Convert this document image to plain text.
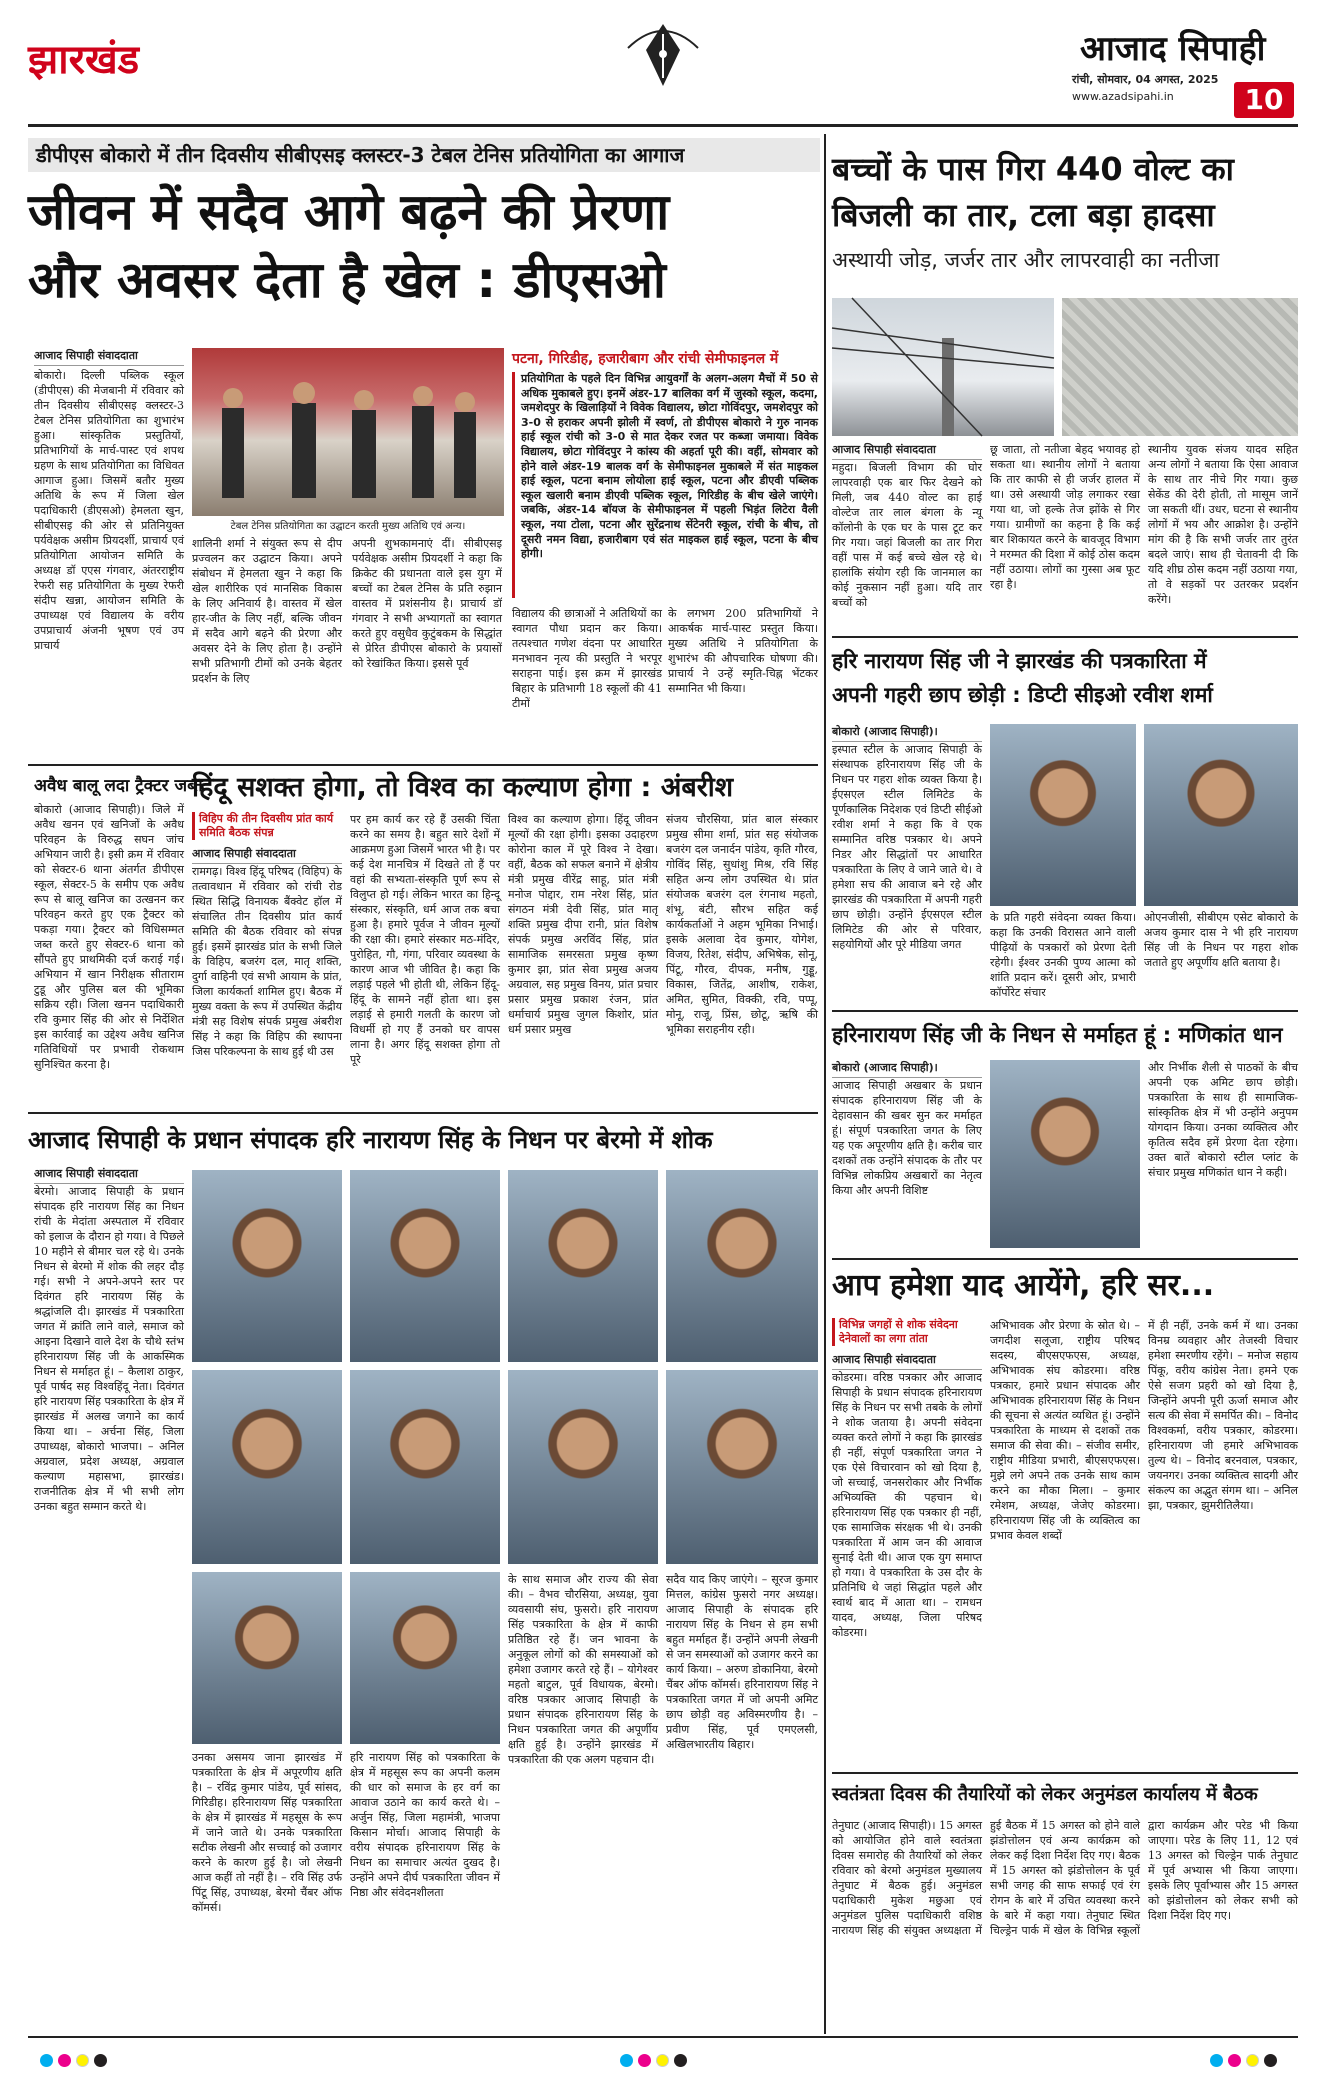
झारखंड	आजाद सिपाही
रांची, सोमवार, 04 अगस्त, 2025
www.azadsipahi.in	10
डीपीएस बोकारो में तीन दिवसीय सीबीएसइ क्लस्टर-3 टेबल टेनिस प्रतियोगिता का आगाज
जीवन में सदैव आगे बढ़ने की प्रेरणा
और अवसर देता है खेल : डीएसओ
आजाद सिपाही संवाददाता
बोकारो। दिल्ली पब्लिक स्कूल (डीपीएस) की मेजबानी में रविवार को तीन दिवसीय सीबीएसइ क्लस्टर-3 टेबल टेनिस प्रतियोगिता का शुभारंभ हुआ। सांस्कृतिक प्रस्तुतियों, प्रतिभागियों के मार्च-पास्ट एवं शपथ ग्रहण के साथ प्रतियोगिता का विधिवत आगाज हुआ। जिसमें बतौर मुख्य अतिथि के रूप में जिला खेल पदाधिकारी (डीएसओ) हेमलता खुन, सीबीएसइ की ओर से प्रतिनियुक्त पर्यवेक्षक असीम प्रियदर्शी, प्राचार्य एवं प्रतियोगिता आयोजन समिति के अध्यक्ष डॉ एएस गंगवार, अंतरराष्ट्रीय रेफरी सह प्रतियोगिता के मुख्य रेफरी संदीप खन्ना, आयोजन समिति के उपाध्यक्ष एवं विद्यालय के वरीय उपप्राचार्य अंजनी भूषण एवं उप प्राचार्य
टेबल टेनिस प्रतियोगिता का उद्घाटन करती मुख्य अतिथि एवं अन्य।
शालिनी शर्मा ने संयुक्त रूप से दीप प्रज्वलन कर उद्घाटन किया। अपने संबोधन में हेमलता खुन ने कहा कि खेल शारीरिक एवं मानसिक विकास के लिए अनिवार्य है। वास्तव में खेल हार-जीत के लिए नहीं, बल्कि जीवन में सदैव आगे बढ़ने की प्रेरणा और अवसर देने के लिए होता है। उन्होंने सभी प्रतिभागी टीमों को उनके बेहतर प्रदर्शन के लिए
अपनी शुभकामनाएं दीं। सीबीएसइ पर्यवेक्षक असीम प्रियदर्शी ने कहा कि क्रिकेट की प्रधानता वाले इस युग में बच्चों का टेबल टेनिस के प्रति रुझान वास्तव में प्रशंसनीय है। प्राचार्य डॉ गंगवार ने सभी अभ्यागतों का स्वागत करते हुए वसुधैव कुटुंबकम के सिद्धांत से प्रेरित डीपीएस बोकारो के प्रयासों को रेखांकित किया। इससे पूर्व
पटना, गिरिडीह, हजारीबाग और रांची सेमीफाइनल में
प्रतियोगिता के पहले दिन विभिन्न आयुवर्गों के अलग-अलग मैचों में 50 से अधिक मुकाबले हुए। इनमें अंडर-17 बालिका वर्ग में जुस्को स्कूल, कदमा, जमशेदपुर के खिलाड़ियों ने विवेक विद्यालय, छोटा गोविंदपुर, जमशेदपुर को 3-0 से हराकर अपनी झोली में स्वर्ण, तो डीपीएस बोकारो ने गुरु नानक हाई स्कूल रांची को 3-0 से मात देकर रजत पर कब्जा जमाया। विवेक विद्यालय, छोटा गोविंदपुर ने कांस्य की अहर्ता पूरी की। वहीं, सोमवार को होने वाले अंडर-19 बालक वर्ग के सेमीफाइनल मुकाबले में संत माइकल हाई स्कूल, पटना बनाम लोयोला हाई स्कूल, पटना और डीएवी पब्लिक स्कूल खलारी बनाम डीएवी पब्लिक स्कूल, गिरिडीह के बीच खेले जाएंगे। जबकि, अंडर-14 बॉयज के सेमीफाइनल में पहली भिड़ंत लिटेरा वैली स्कूल, नया टोला, पटना और सुरेंद्रनाथ सेंटेनरी स्कूल, रांची के बीच, तो दूसरी नमन विद्या, हजारीबाग एवं संत माइकल हाई स्कूल, पटना के बीच होगी।
विद्यालय की छात्राओं ने अतिथियों का स्वागत पौधा प्रदान कर किया। तत्पश्चात गणेश वंदना पर आधारित मनभावन नृत्य की प्रस्तुति ने भरपूर सराहना पाई। इस क्रम में झारखंड बिहार के प्रतिभागी 18 स्कूलों की 41 टीमों
के लगभग 200 प्रतिभागियों ने आकर्षक मार्च-पास्ट प्रस्तुत किया। मुख्य अतिथि ने प्रतियोगिता के शुभारंभ की औपचारिक घोषणा की। प्राचार्य ने उन्हें स्मृति-चिह्न भेंटकर सम्मानित भी किया।
बच्चों के पास गिरा 440 वोल्ट का
बिजली का तार, टला बड़ा हादसा
अस्थायी जोड़, जर्जर तार और लापरवाही का नतीजा
आजाद सिपाही संवाददाता
महुदा। बिजली विभाग की घोर लापरवाही एक बार फिर देखने को मिली, जब 440 वोल्ट का हाई वोल्टेज तार लाल बंगला के न्यू कॉलोनी के एक घर के पास टूट कर गिर गया। जहां बिजली का तार गिरा वहीं पास में कई बच्चे खेल रहे थे। हालांकि संयोग रही कि जानमाल का कोई नुकसान नहीं हुआ। यदि तार बच्चों को
छू जाता, तो नतीजा बेहद भयावह हो सकता था। स्थानीय लोगों ने बताया कि तार काफी से ही जर्जर हालत में था। उसे अस्थायी जोड़ लगाकर रखा गया था, जो हल्के तेज झोंके से गिर गया। ग्रामीणों का कहना है कि कई बार शिकायत करने के बावजूद विभाग ने मरम्मत की दिशा में कोई ठोस कदम नहीं उठाया। लोगों का गुस्सा अब फूट रहा है।
स्थानीय युवक संजय यादव सहित अन्य लोगों ने बताया कि ऐसा आवाज के साथ तार नीचे गिर गया। कुछ सेकेंड की देरी होती, तो मासूम जानें जा सकती थीं। उधर, घटना से स्थानीय लोगों में भय और आक्रोश है। उन्होंने मांग की है कि सभी जर्जर तार तुरंत बदले जाएं। साथ ही चेतावनी दी कि यदि शीघ्र ठोस कदम नहीं उठाया गया, तो वे सड़कों पर उतरकर प्रदर्शन करेंगे।
हरि नारायण सिंह जी ने झारखंड की पत्रकारिता में
अपनी गहरी छाप छोड़ी : डिप्टी सीइओ रवीश शर्मा
बोकारो (आजाद सिपाही)।
इस्पात स्टील के आजाद सिपाही के संस्थापक हरिनारायण सिंह जी के निधन पर गहरा शोक व्यक्त किया है। ईएसएल स्टील लिमिटेड के पूर्णकालिक निदेशक एवं डिप्टी सीईओ रवीश शर्मा ने कहा कि वे एक सम्मानित वरिष्ठ पत्रकार थे। अपने निडर और सिद्धांतों पर आधारित पत्रकारिता के लिए वे जाने जाते थे। वे हमेशा सच की आवाज बने रहे और झारखंड की पत्रकारिता में अपनी गहरी छाप छोड़ी। उन्होंने ईएसएल स्टील लिमिटेड की ओर से परिवार, सहयोगियों और पूरे मीडिया जगत
के प्रति गहरी संवेदना व्यक्त किया। कहा कि उनकी विरासत आने वाली पीढ़ियों के पत्रकारों को प्रेरणा देती रहेगी। ईश्वर उनकी पुण्य आत्मा को शांति प्रदान करें। दूसरी ओर, प्रभारी कॉर्पोरेट संचार
ओएनजीसी, सीबीएम एसेट बोकारो के अजय कुमार दास ने भी हरि नारायण सिंह जी के निधन पर गहरा शोक जताते हुए अपूर्णीय क्षति बताया है।
हरिनारायण सिंह जी के निधन से मर्माहत हूं : मणिकांत धान
बोकारो (आजाद सिपाही)।
आजाद सिपाही अखबार के प्रधान संपादक हरिनारायण सिंह जी के देहावसान की खबर सुन कर मर्माहत हूं। संपूर्ण पत्रकारिता जगत के लिए यह एक अपूरणीय क्षति है। करीब चार दशकों तक उन्होंने संपादक के तौर पर विभिन्न लोकप्रिय अखबारों का नेतृत्व किया और अपनी विशिष्ट
और निर्भीक शैली से पाठकों के बीच अपनी एक अमिट छाप छोड़ी। पत्रकारिता के साथ ही सामाजिक-सांस्कृतिक क्षेत्र में भी उन्होंने अनुपम योगदान किया। उनका व्यक्तित्व और कृतित्व सदैव हमें प्रेरणा देता रहेगा। उक्त बातें बोकारो स्टील प्लांट के संचार प्रमुख मणिकांत धान ने कही।
आप हमेशा याद आयेंगे, हरि सर...
विभिन्न जगहों से शोक संवेदना देनेवालों का लगा तांता
आजाद सिपाही संवाददाता
कोडरमा। वरिष्ठ पत्रकार और आजाद सिपाही के प्रधान संपादक हरिनारायण सिंह के निधन पर सभी तबके के लोगों ने शोक जताया है। अपनी संवेदना व्यक्त करते लोगों ने कहा कि झारखंड ही नहीं, संपूर्ण पत्रकारिता जगत ने एक ऐसे विचारवान को खो दिया है, जो सच्चाई, जनसरोकार और निर्भीक अभिव्यक्ति की पहचान थे। हरिनारायण सिंह एक पत्रकार ही नहीं, एक सामाजिक संरक्षक भी थे। उनकी पत्रकारिता में आम जन की आवाज सुनाई देती थी। आज एक युग समाप्त हो गया। वे पत्रकारिता के उस दौर के प्रतिनिधि थे जहां सिद्धांत पहले और स्वार्थ बाद में आता था। – रामधन यादव, अध्यक्ष, जिला परिषद कोडरमा।
अभिभावक और प्रेरणा के स्रोत थे। – जगदीश सलूजा, राष्ट्रीय परिषद सदस्य, बीएसएफएस, अध्यक्ष, अभिभावक संघ कोडरमा। वरिष्ठ पत्रकार, हमारे प्रधान संपादक और अभिभावक हरिनारायण सिंह के निधन की सूचना से अत्यंत व्यथित हूं। उन्होंने पत्रकारिता के माध्यम से दशकों तक समाज की सेवा की। – संजीव समीर, राष्ट्रीय मीडिया प्रभारी, बीएसएफएस। मुझे लगे अपने तक उनके साथ काम करने का मौका मिला। – कुमार रमेशम, अध्यक्ष, जेजेए कोडरमा। हरिनारायण सिंह जी के व्यक्तित्व का प्रभाव केवल शब्दों
में ही नहीं, उनके कर्म में था। उनका विनम्र व्यवहार और तेजस्वी विचार हमेशा स्मरणीय रहेंगे। – मनोज सहाय पिंकू, वरीय कांग्रेस नेता। हमने एक ऐसे सजग प्रहरी को खो दिया है, जिन्होंने अपनी पूरी ऊर्जा समाज और सत्य की सेवा में समर्पित की। – विनोद विश्वकर्मा, वरीय पत्रकार, कोडरमा। हरिनारायण जी हमारे अभिभावक तुल्य थे। – विनोद बरनवाल, पत्रकार, जयनगर। उनका व्यक्तित्व सादगी और संकल्प का अद्भुत संगम था। – अनिल झा, पत्रकार, झुमरीतिलैया।
स्वतंत्रता दिवस की तैयारियों को लेकर अनुमंडल कार्यालय में बैठक
तेनुघाट (आजाद सिपाही)। 15 अगस्त को आयोजित होने वाले स्वतंत्रता दिवस समारोह की तैयारियों को लेकर रविवार को बेरमो अनुमंडल मुख्यालय तेनुघाट में बैठक हुई। अनुमंडल पदाधिकारी मुकेश मछुआ एवं अनुमंडल पुलिस पदाधिकारी वशिष्ठ नारायण सिंह की संयुक्त अध्यक्षता में हुई बैठक में 15 अगस्त को होने वाले झंडोत्तोलन एवं अन्य कार्यक्रम को लेकर कई दिशा निर्देश दिए गए। बैठक में 15 अगस्त को झंडोत्तोलन के पूर्व सभी जगह की साफ सफाई एवं रंग रोगन के बारे में उचित व्यवस्था करने के बारे में कहा गया। तेनुघाट स्थित चिल्ड्रेन पार्क में खेल के विभिन्न स्कूलों द्वारा कार्यक्रम और परेड भी किया जाएगा। परेड के लिए 11, 12 एवं 13 अगस्त को चिल्ड्रेन पार्क तेनुघाट में पूर्व अभ्यास भी किया जाएगा। इसके लिए पूर्वाभ्यास और 15 अगस्त को झंडोत्तोलन को लेकर सभी को दिशा निर्देश दिए गए।
अवैध बालू लदा ट्रैक्टर जब्त
बोकारो (आजाद सिपाही)। जिले में अवैध खनन एवं खनिजों के अवैध परिवहन के विरुद्ध सघन जांच अभियान जारी है। इसी क्रम में रविवार को सेक्टर-6 थाना अंतर्गत डीपीएस स्कूल, सेक्टर-5 के समीप एक अवैध रूप से बालू खनिज का उत्खनन कर परिवहन करते हुए एक ट्रैक्टर को पकड़ा गया। ट्रैक्टर को विधिसम्मत जब्त करते हुए सेक्टर-6 थाना को सौंपते हुए प्राथमिकी दर्ज कराई गई। अभियान में खान निरीक्षक सीताराम टुडू और पुलिस बल की भूमिका सक्रिय रही। जिला खनन पदाधिकारी रवि कुमार सिंह की ओर से निर्देशित इस कार्रवाई का उद्देश्य अवैध खनिज गतिविधियों पर प्रभावी रोकथाम सुनिश्चित करना है।
हिंदू सशक्त होगा, तो विश्व का कल्याण होगा : अंबरीश
विहिप की तीन दिवसीय प्रांत कार्य समिति बैठक संपन्न
आजाद सिपाही संवाददाता
रामगढ़। विश्व हिंदू परिषद (विहिप) के तत्वावधान में रविवार को रांची रोड स्थित सिद्धि विनायक बैंक्वेट हॉल में संचालित तीन दिवसीय प्रांत कार्य समिति की बैठक रविवार को संपन्न हुई। इसमें झारखंड प्रांत के सभी जिले के विहिप, बजरंग दल, मातृ शक्ति, दुर्गा वाहिनी एवं सभी आयाम के प्रांत, जिला कार्यकर्ता शामिल हुए। बैठक में मुख्य वक्ता के रूप में उपस्थित केंद्रीय मंत्री सह विशेष संपर्क प्रमुख अंबरीश सिंह ने कहा कि विहिप की स्थापना जिस परिकल्पना के साथ हुई थी उस
पर हम कार्य कर रहे हैं उसकी चिंता करने का समय है। बहुत सारे देशों में आक्रमण हुआ जिसमें भारत भी है। पर कई देश मानचित्र में दिखते तो हैं पर वहां की सभ्यता-संस्कृति पूर्ण रूप से विलुप्त हो गई। लेकिन भारत का हिन्दू संस्कार, संस्कृति, धर्म आज तक बचा हुआ है। हमारे पूर्वज ने जीवन मूल्यों की रक्षा की। हमारे संस्कार मठ-मंदिर, पुरोहित, गौ, गंगा, परिवार व्यवस्था के कारण आज भी जीवित है। कहा कि लड़ाई पहले भी होती थी, लेकिन हिंदू-हिंदू के सामने नहीं होता था। इस लड़ाई से हमारी गलती के कारण जो विधर्मी हो गए हैं उनको घर वापस लाना है। अगर हिंदू सशक्त होगा तो पूरे
विश्व का कल्याण होगा। हिंदू जीवन मूल्यों की रक्षा होगी। इसका उदाहरण कोरोना काल में पूरे विश्व ने देखा। वहीं, बैठक को सफल बनाने में क्षेत्रीय मंत्री प्रमुख वीरेंद्र साहू, प्रांत मंत्री मनोज पोद्दार, राम नरेश सिंह, प्रांत संगठन मंत्री देवी सिंह, प्रांत मातृ शक्ति प्रमुख दीपा रानी, प्रांत विशेष संपर्क प्रमुख अरविंद सिंह, प्रांत सामाजिक समरसता प्रमुख कृष्ण कुमार झा, प्रांत सेवा प्रमुख अजय अग्रवाल, सह प्रमुख विनय, प्रांत प्रचार प्रसार प्रमुख प्रकाश रंजन, प्रांत धर्माचार्य प्रमुख जुगल किशोर, प्रांत धर्म प्रसार प्रमुख
संजय चौरसिया, प्रांत बाल संस्कार प्रमुख सीमा शर्मा, प्रांत सह संयोजक बजरंग दल जनार्दन पांडेय, कृति गौरव, गोविंद सिंह, सुधांशु मिश्र, रवि सिंह सहित अन्य लोग उपस्थित थे। प्रांत संयोजक बजरंग दल रंगनाथ महतो, शंभू, बंटी, सौरभ सहित कई कार्यकर्ताओं ने अहम भूमिका निभाई। इसके अलावा देव कुमार, योगेश, विजय, रितेश, संदीप, अभिषेक, सोनू, पिंटू, गौरव, दीपक, मनीष, गुड्डू, विकास, जितेंद्र, आशीष, राकेश, अमित, सुमित, विक्की, रवि, पप्पू, मोनू, राजू, प्रिंस, छोटू, ऋषि की भूमिका सराहनीय रही।
आजाद सिपाही के प्रधान संपादक हरि नारायण सिंह के निधन पर बेरमो में शोक
आजाद सिपाही संवाददाता
बेरमो। आजाद सिपाही के प्रधान संपादक हरि नारायण सिंह का निधन रांची के मेदांता अस्पताल में रविवार को इलाज के दौरान हो गया। वे पिछले 10 महीने से बीमार चल रहे थे। उनके निधन से बेरमो में शोक की लहर दौड़ गई। सभी ने अपने-अपने स्तर पर दिवंगत हरि नारायण सिंह के श्रद्धांजलि दी। झारखंड में पत्रकारिता जगत में क्रांति लाने वाले, समाज को आइना दिखाने वाले देश के चौथे स्तंभ हरिनारायण सिंह जी के आकस्मिक निधन से मर्माहत हूं। – कैलाश ठाकुर, पूर्व पार्षद सह विश्वहिंदू नेता। दिवंगत हरि नारायण सिंह पत्रकारिता के क्षेत्र में झारखंड में अलख जगाने का कार्य किया था। – अर्चना सिंह, जिला उपाध्यक्ष, बोकारो भाजपा। – अनिल अग्रवाल, प्रदेश अध्यक्ष, अग्रवाल कल्याण महासभा, झारखंड। राजनीतिक क्षेत्र में भी सभी लोग उनका बहुत सम्मान करते थे।
उनका असमय जाना झारखंड में पत्रकारिता के क्षेत्र में अपूरणीय क्षति है। – रविंद्र कुमार पांडेय, पूर्व सांसद, गिरिडीह। हरिनारायण सिंह पत्रकारिता के क्षेत्र में झारखंड में महसूस के रूप में जाने जाते थे। उनके पत्रकारिता सटीक लेखनी और सच्चाई को उजागर करने के कारण हुई है। जो लेखनी आज कहीं तो नहीं है। – रवि सिंह उर्फ पिंटू सिंह, उपाध्यक्ष, बेरमो चैंबर ऑफ कॉमर्स।
हरि नारायण सिंह को पत्रकारिता के क्षेत्र में महसूस रूप का अपनी कलम की धार को समाज के हर वर्ग का आवाज उठाने का कार्य करते थे। – अर्जुन सिंह, जिला महामंत्री, भाजपा किसान मोर्चा। आजाद सिपाही के वरीय संपादक हरिनारायण सिंह के निधन का समाचार अत्यंत दुखद है। उन्होंने अपने दीर्घ पत्रकारिता जीवन में निष्ठा और संवेदनशीलता
के साथ समाज और राज्य की सेवा की। – वैभव चौरसिया, अध्यक्ष, युवा व्यवसायी संघ, फुसरो। हरि नारायण सिंह पत्रकारिता के क्षेत्र में काफी प्रतिष्ठित रहे हैं। जन भावना के अनुकूल लोगों को की समस्याओं को हमेशा उजागर करते रहे हैं। – योगेश्वर महतो बाटुल, पूर्व विधायक, बेरमो। वरिष्ठ पत्रकार आजाद सिपाही के प्रधान संपादक हरिनारायण सिंह के निधन पत्रकारिता जगत की अपूर्णीय क्षति हुई है। उन्होंने झारखंड में पत्रकारिता की एक अलग पहचान दी।
सदैव याद किए जाएंगे। – सूरज कुमार मित्तल, कांग्रेस फुसरो नगर अध्यक्ष। आजाद सिपाही के संपादक हरि नारायण सिंह के निधन से हम सभी बहुत मर्माहत हैं। उन्होंने अपनी लेखनी से जन समस्याओं को उजागर करने का कार्य किया। – अरुण डोकानिया, बेरमो चैंबर ऑफ कॉमर्स। हरिनारायण सिंह ने पत्रकारिता जगत में जो अपनी अमिट छाप छोड़ी वह अविस्मरणीय है। – प्रवीण सिंह, पूर्व एमएलसी, अखिलभारतीय बिहार।
